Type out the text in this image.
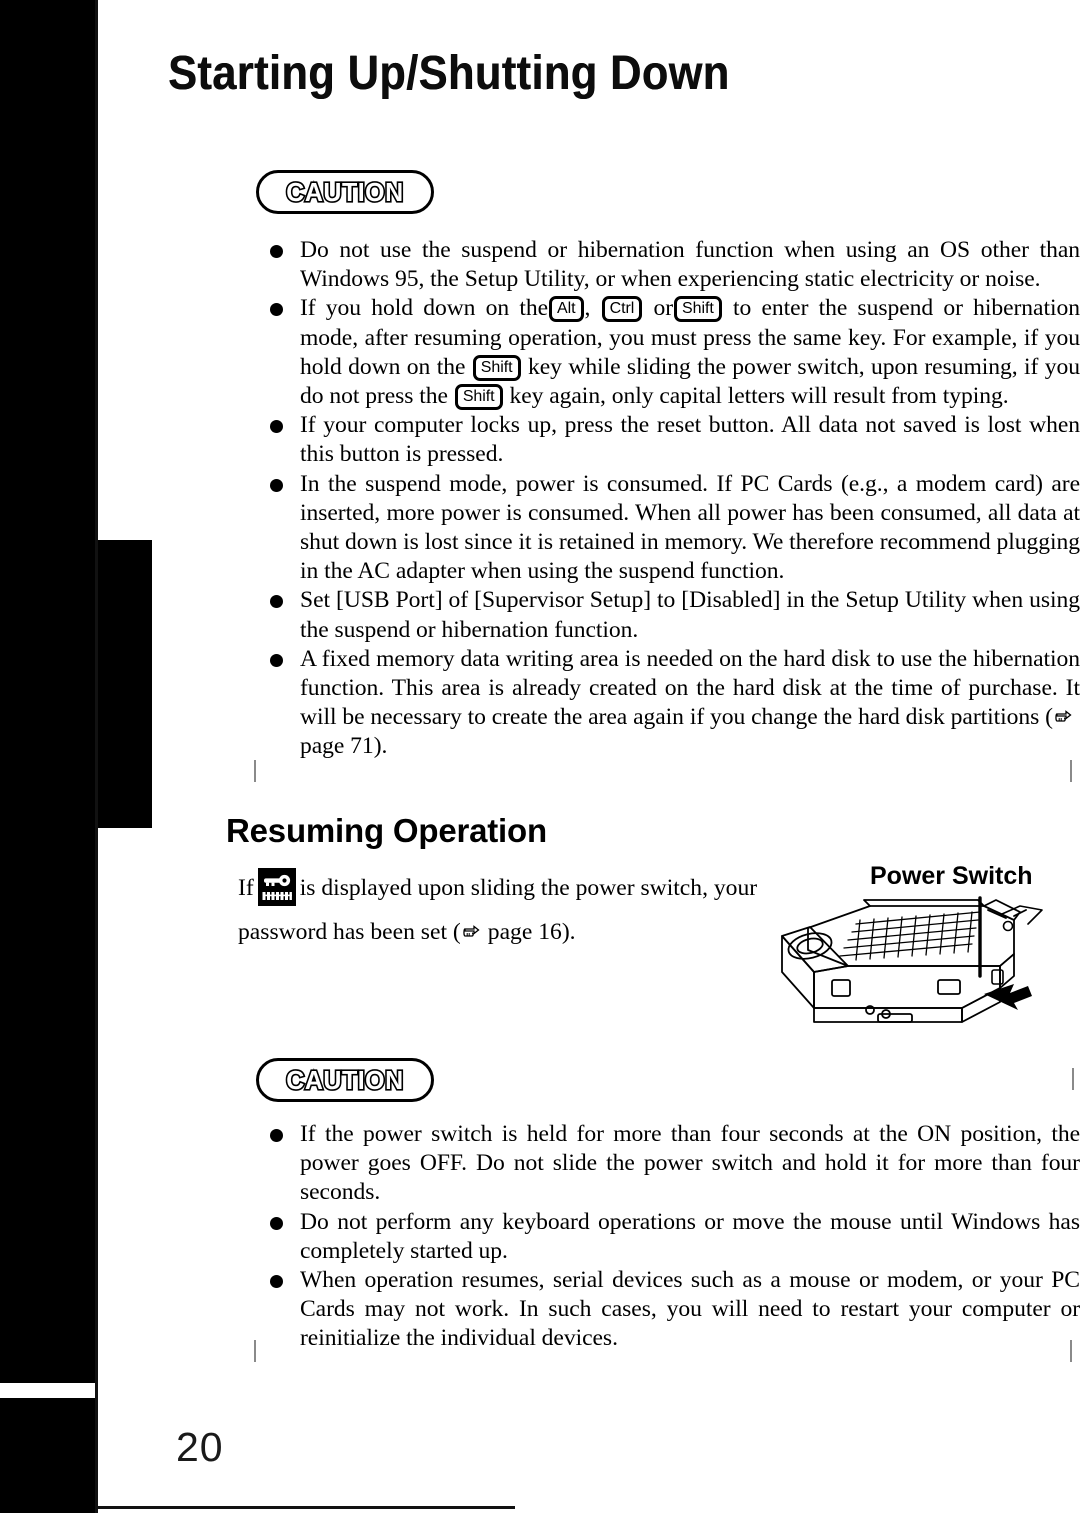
Starting Up/Shutting Down
CAUTION
Do not use the suspend or hibernation function when using an OS other than Windows 95, the Setup Utility, or when experiencing static electricity or noise.
If you hold down on the Alt , Ctrl or Shift to enter the suspend or hibernation mode, after resuming operation, you must press the same key. For example, if you hold down on the Shift key while sliding the power switch, upon resuming, if you do not press the Shift key again, only capital letters will result from typing.
If your computer locks up, press the reset button. All data not saved is lost when this button is pressed.
In the suspend mode, power is consumed. If PC Cards (e.g., a modem card) are inserted, more power is consumed. When all power has been consumed, all data at shut down is lost since it is retained in memory. We therefore recommend plugging in the AC adapter when using the suspend function.
Set [USB Port] of [Supervisor Setup] to [Disabled] in the Setup Utility when using the suspend or hibernation function.
A fixed memory data writing area is needed on the hard disk to use the hibernation function. This area is already created on the hard disk at the time of purchase. It will be necessary to create the area again if you change the hard disk partitions (
page 71).
Resuming Operation
If is displayed upon sliding the power switch, your password has been set ( page 16).
Power Switch
CAUTION
If the power switch is held for more than four seconds at the ON position, the power goes OFF. Do not slide the power switch and hold it for more than four seconds.
Do not perform any keyboard operations or move the mouse until Windows has completely started up.
When operation resumes, serial devices such as a mouse or modem, or your PC Cards may not work. In such cases, you will need to restart your computer or reinitialize the individual devices.
20
